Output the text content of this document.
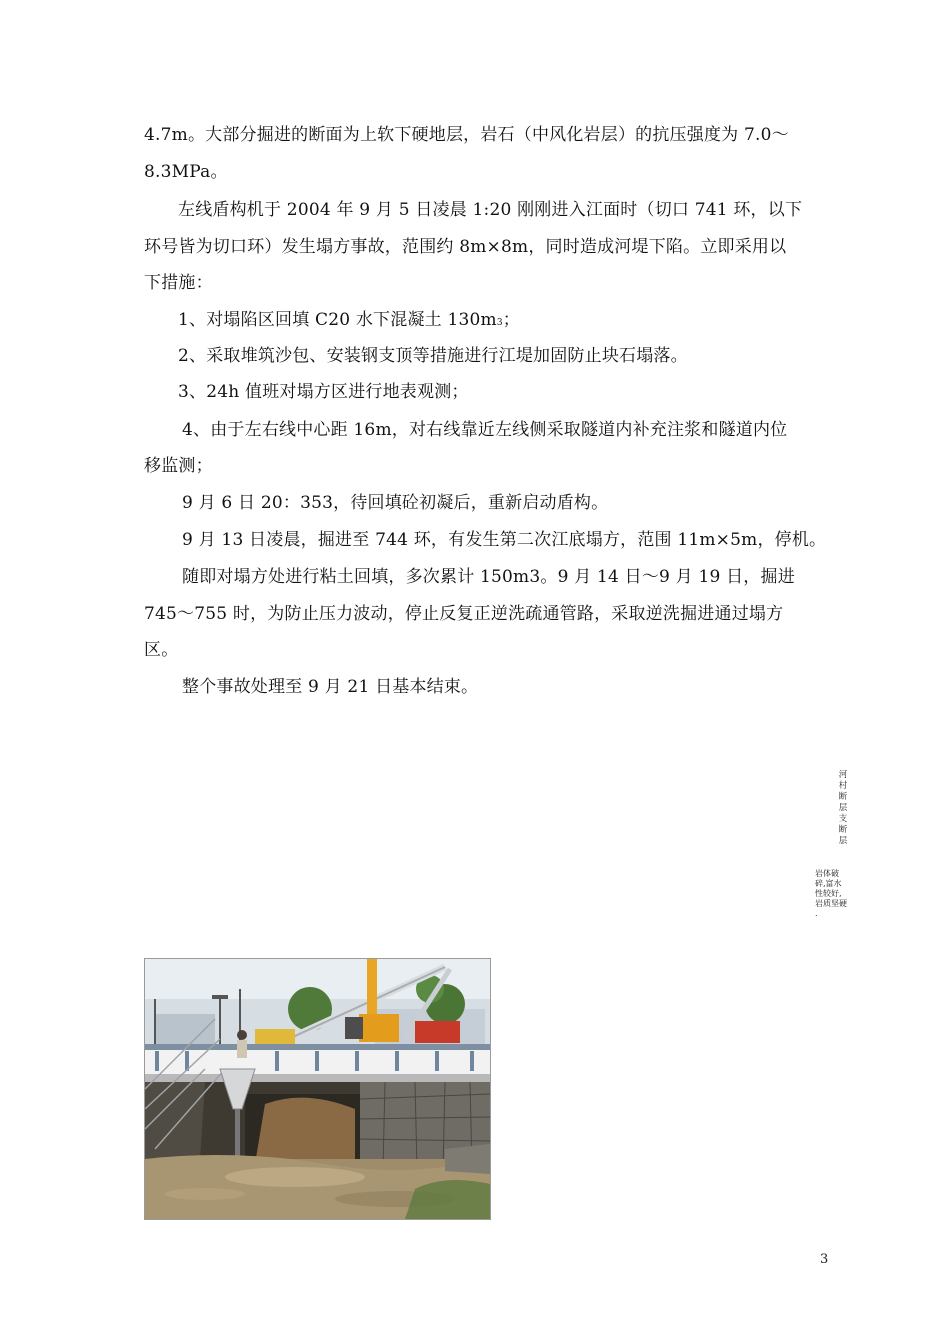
4.7m。大部分掘进的断面为上软下硬地层，岩石（中风化岩层）的抗压强度为 7.0～
8.3MPa。
左线盾构机于 2004 年 9 月 5 日凌晨 1:20 刚刚进入江面时（切口 741 环，以下
环号皆为切口环）发生塌方事故，范围约 8m×8m，同时造成河堤下陷。立即采用以
下措施：
1、对塌陷区回填 C20 水下混凝土 130m3；
2、采取堆筑沙包、安装钢支顶等措施进行江堤加固防止块石塌落。
3、24h 值班对塌方区进行地表观测；
4、由于左右线中心距 16m，对右线靠近左线侧采取隧道内补充注浆和隧道内位
移监测；
9 月 6 日 20：353，待回填砼初凝后，重新启动盾构。
9 月 13 日凌晨，掘进至 744 环，有发生第二次江底塌方，范围 11m×5m，停机。
随即对塌方处进行粘土回填，多次累计 150m3。9 月 14 日～9 月 19 日，掘进
745～755 时，为防止压力波动，停止反复正逆洗疏通管路，采取逆洗掘进通过塌方
区。
整个事故处理至 9 月 21 日基本结束。
河村断层支断层
岩体破
碎,富水
性较好,
岩质坚硬
.
3
